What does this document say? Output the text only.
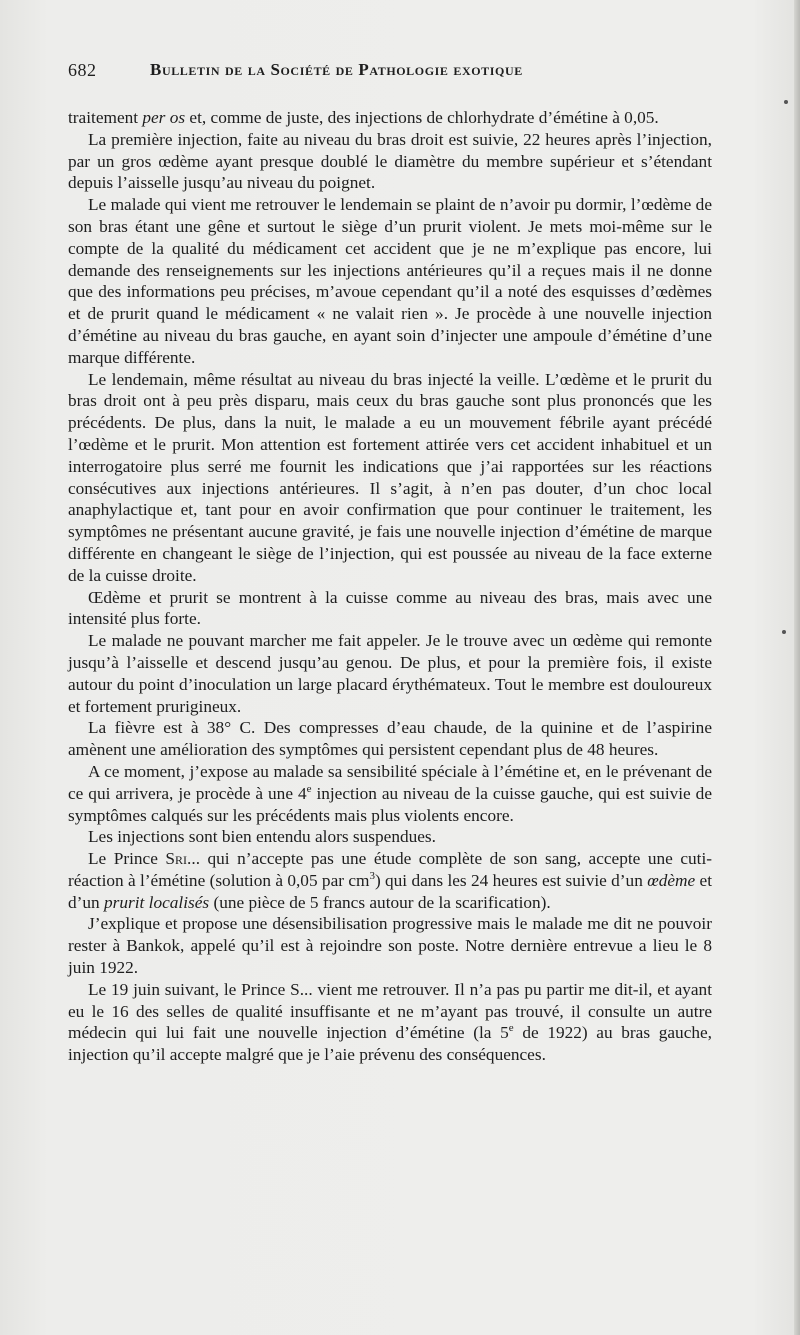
682	Bulletin de la Société de Pathologie exotique

traitement per os et, comme de juste, des injections de chlorhydrate d’émétine à 0,05.

La première injection, faite au niveau du bras droit est suivie, 22 heures après l’injection, par un gros œdème ayant presque doublé le diamètre du membre supérieur et s’étendant depuis l’aisselle jusqu’au niveau du poignet.

Le malade qui vient me retrouver le lendemain se plaint de n’avoir pu dormir, l’œdème de son bras étant une gêne et surtout le siège d’un prurit violent. Je mets moi-même sur le compte de la qualité du médicament cet accident que je ne m’explique pas encore, lui demande des renseignements sur les injections antérieures qu’il a reçues mais il ne donne que des informations peu précises, m’avoue cependant qu’il a noté des esquisses d’œdèmes et de prurit quand le médicament « ne valait rien ». Je procède à une nouvelle injection d’émétine au niveau du bras gauche, en ayant soin d’injecter une ampoule d’émétine d’une marque différente.

Le lendemain, même résultat au niveau du bras injecté la veille. L’œdème et le prurit du bras droit ont à peu près disparu, mais ceux du bras gauche sont plus prononcés que les précédents. De plus, dans la nuit, le malade a eu un mouvement fébrile ayant précédé l’œdème et le prurit. Mon attention est fortement attirée vers cet accident inhabituel et un interrogatoire plus serré me fournit les indications que j’ai rapportées sur les réactions consécutives aux injections antérieures. Il s’agit, à n’en pas douter, d’un choc local anaphylactique et, tant pour en avoir confirmation que pour continuer le traitement, les symptômes ne présentant aucune gravité, je fais une nouvelle injection d’émétine de marque différente en changeant le siège de l’injection, qui est poussée au niveau de la face externe de la cuisse droite.

Œdème et prurit se montrent à la cuisse comme au niveau des bras, mais avec une intensité plus forte.

Le malade ne pouvant marcher me fait appeler. Je le trouve avec un œdème qui remonte jusqu’à l’aisselle et descend jusqu’au genou. De plus, et pour la première fois, il existe autour du point d’inoculation un large placard érythémateux. Tout le membre est douloureux et fortement prurigineux.

La fièvre est à 38° C. Des compresses d’eau chaude, de la quinine et de l’aspirine amènent une amélioration des symptômes qui persistent cependant plus de 48 heures.

A ce moment, j’expose au malade sa sensibilité spéciale à l’émétine et, en le prévenant de ce qui arrivera, je procède à une 4e injection au niveau de la cuisse gauche, qui est suivie de symptômes calqués sur les précédents mais plus violents encore.

Les injections sont bien entendu alors suspendues.

Le Prince Sri... qui n’accepte pas une étude complète de son sang, accepte une cuti-réaction à l’émétine (solution à 0,05 par $cm^3$) qui dans les 24 heures est suivie d’un œdème et d’un prurit localisés (une pièce de 5 francs autour de la scarification).

J’explique et propose une désensibilisation progressive mais le malade me dit ne pouvoir rester à Bankok, appelé qu’il est à rejoindre son poste. Notre dernière entrevue a lieu le 8 juin 1922.

Le 19 juin suivant, le Prince S... vient me retrouver. Il n’a pas pu partir me dit-il, et ayant eu le 16 des selles de qualité insuffisante et ne m’ayant pas trouvé, il consulte un autre médecin qui lui fait une nouvelle injection d’émétine (la 5e de 1922) au bras gauche, injection qu’il accepte malgré que je l’aie prévenu des conséquences.
